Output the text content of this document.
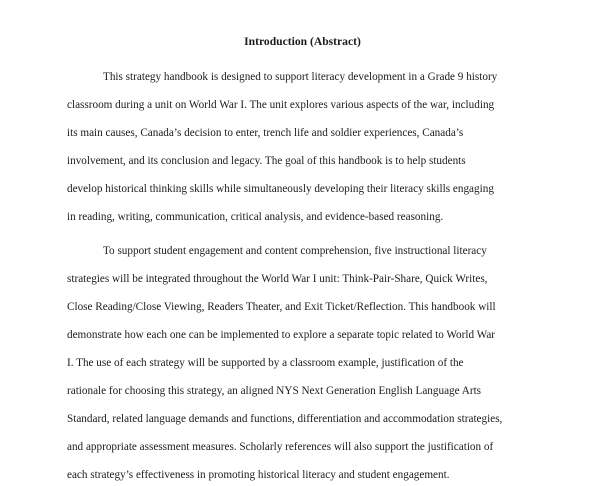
Introduction (Abstract)
This strategy handbook is designed to support literacy development in a Grade 9 history
classroom during a unit on World War I. The unit explores various aspects of the war, including
its main causes, Canada’s decision to enter, trench life and soldier experiences, Canada’s
involvement, and its conclusion and legacy. The goal of this handbook is to help students
develop historical thinking skills while simultaneously developing their literacy skills engaging
in reading, writing, communication, critical analysis, and evidence-based reasoning.
To support student engagement and content comprehension, five instructional literacy
strategies will be integrated throughout the World War I unit: Think-Pair-Share, Quick Writes,
Close Reading/Close Viewing, Readers Theater, and Exit Ticket/Reflection. This handbook will
demonstrate how each one can be implemented to explore a separate topic related to World War
I. The use of each strategy will be supported by a classroom example, justification of the
rationale for choosing this strategy, an aligned NYS Next Generation English Language Arts
Standard, related language demands and functions, differentiation and accommodation strategies,
and appropriate assessment measures. Scholarly references will also support the justification of
each strategy’s effectiveness in promoting historical literacy and student engagement.
